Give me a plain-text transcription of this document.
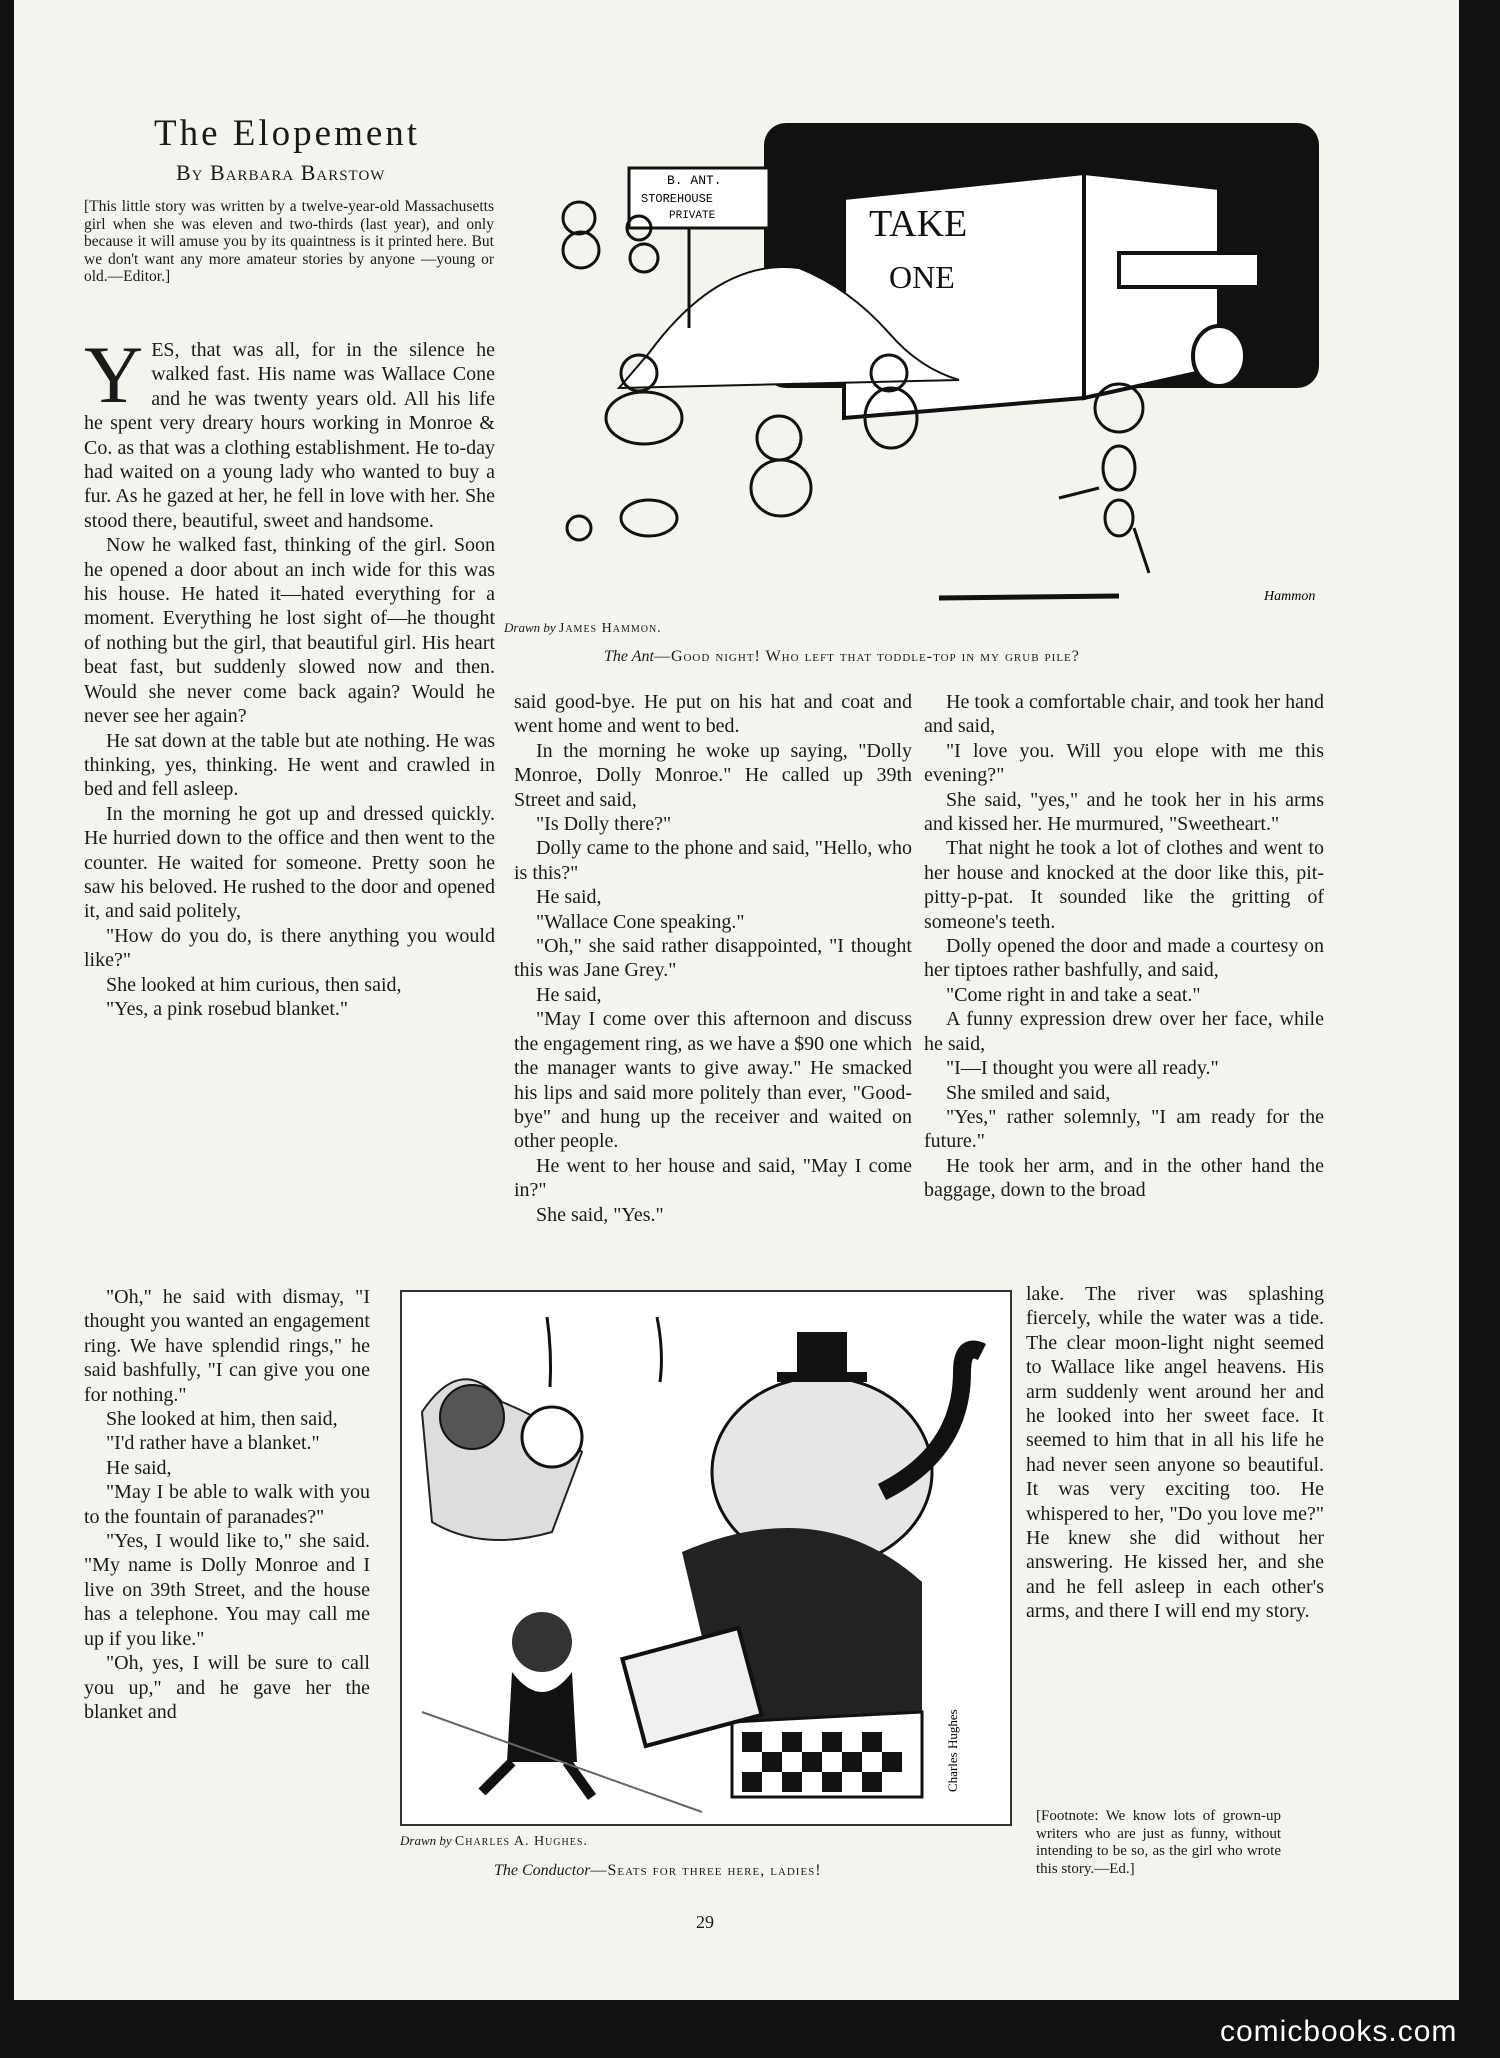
The Elopement
By Barbara Barstow
[This little story was written by a twelve-year-old Massachusetts girl when she was eleven and two-thirds (last year), and only because it will amuse you by its quaintness is it printed here. But we don't want any more amateur stories by anyone —young or old.—Editor.]

YES, that was all, for in the silence he walked fast. His name was Wallace Cone and he was twenty years old. All his life he spent very dreary hours working in Monroe & Co. as that was a clothing establishment. He to-day had waited on a young lady who wanted to buy a fur. As he gazed at her, he fell in love with her. She stood there, beautiful, sweet and handsome.

Now he walked fast, thinking of the girl. Soon he opened a door about an inch wide for this was his house. He hated it—hated everything for a moment. Everything he lost sight of—he thought of nothing but the girl, that beautiful girl. His heart beat fast, but suddenly slowed now and then. Would she never come back again? Would he never see her again?

He sat down at the table but ate nothing. He was thinking, yes, thinking. He went and crawled in bed and fell asleep.

In the morning he got up and dressed quickly. He hurried down to the office and then went to the counter. He waited for someone. Pretty soon he saw his beloved. He rushed to the door and opened it, and said politely,

"How do you do, is there anything you would like?"

She looked at him curious, then said,

"Yes, a pink rosebud blanket."

"Oh," he said with dismay, "I thought you wanted an engagement ring. We have splendid rings," he said bashfully, "I can give you one for nothing."

She looked at him, then said,

"I'd rather have a blanket."

He said,

"May I be able to walk with you to the fountain of paranades?"

"Yes, I would like to," she said. "My name is Dolly Monroe and I live on 39th Street, and the house has a telephone. You may call me up if you like."

"Oh, yes, I will be sure to call you up," and he gave her the blanket and

said good-bye. He put on his hat and coat and went home and went to bed.

In the morning he woke up saying, "Dolly Monroe, Dolly Monroe." He called up 39th Street and said,

"Is Dolly there?"

Dolly came to the phone and said, "Hello, who is this?"

He said,

"Wallace Cone speaking."

"Oh," she said rather disappointed, "I thought this was Jane Grey."

He said,

"May I come over this afternoon and discuss the engagement ring, as we have a $90 one which the manager wants to give away." He smacked his lips and said more politely than ever, "Good-bye" and hung up the receiver and waited on other people.

He went to her house and said, "May I come in?"

She said, "Yes."

He took a comfortable chair, and took her hand and said,

"I love you. Will you elope with me this evening?"

She said, "yes," and he took her in his arms and kissed her. He murmured, "Sweetheart."

That night he took a lot of clothes and went to her house and knocked at the door like this, pit-pitty-p-pat. It sounded like the gritting of someone's teeth.

Dolly opened the door and made a courtesy on her tiptoes rather bashfully, and said,

"Come right in and take a seat."

A funny expression drew over her face, while he said,

"I—I thought you were all ready."

She smiled and said,

"Yes," rather solemnly, "I am ready for the future."

He took her arm, and in the other hand the baggage, down to the broad

lake. The river was splashing fiercely, while the water was a tide. The clear moon-light night seemed to Wallace like angel heavens. His arm suddenly went around her and he looked into her sweet face. It seemed to him that in all his life he had never seen anyone so beautiful. It was very exciting too. He whispered to her, "Do you love me?" He knew she did without her answering. He kissed her, and she and he fell asleep in each other's arms, and there I will end my story.

[Footnote: We know lots of grown-up writers who are just as funny, without intending to be so, as the girl who wrote this story.—Ed.]
TAKE
ONE
B. ANT.
STOREHOUSE
PRIVATE
Hammon
Drawn by James Hammon.
The Ant—Good night! Who left that toddle-top in my grub pile?
Charles Hughes
Drawn by Charles A. Hughes.
The Conductor—Seats for three here, ladies!
29
comicbooks.com
